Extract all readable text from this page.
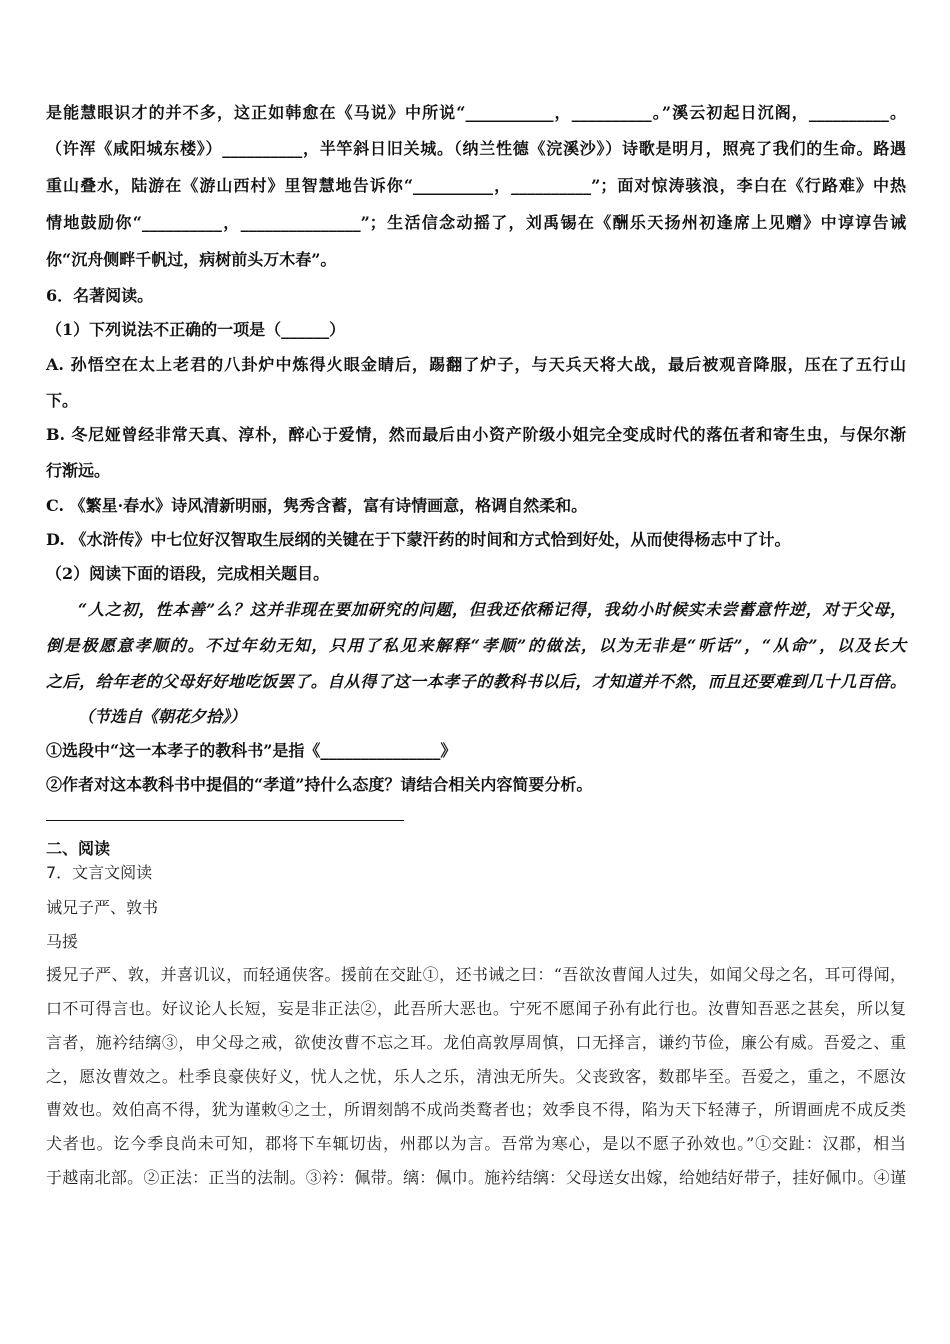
是能慧眼识才的并不多，这正如韩愈在《马说》中所说“___________，__________。”溪云初起日沉阁，__________。
（许浑《咸阳城东楼》）__________，半竿斜日旧关城。（纳兰性德《浣溪沙》）诗歌是明月，照亮了我们的生命。路遇
重山叠水，陆游在《游山西村》里智慧地告诉你“__________，__________”；面对惊涛骇浪，李白在《行路难》中热
情地鼓励你“__________，_______________”；生活信念动摇了，刘禹锡在《酬乐天扬州初逢席上见赠》中谆谆告诫
你“沉舟侧畔千帆过，病树前头万木春”。
6．名著阅读。
（1）下列说法不正确的一项是（______）
A. 孙悟空在太上老君的八卦炉中炼得火眼金睛后，踢翻了炉子，与天兵天将大战，最后被观音降服，压在了五行山
下。
B. 冬尼娅曾经非常天真、淳朴，醉心于爱情，然而最后由小资产阶级小姐完全变成时代的落伍者和寄生虫，与保尔渐
行渐远。
C. 《繁星·春水》诗风清新明丽，隽秀含蓄，富有诗情画意，格调自然柔和。
D. 《水浒传》中七位好汉智取生辰纲的关键在于下蒙汗药的时间和方式恰到好处，从而使得杨志中了计。
（2）阅读下面的语段，完成相关题目。
“人之初，性本善”么？这并非现在要加研究的问题，但我还依稀记得，我幼小时候实未尝蓄意忤逆，对于父母，
倒是极愿意孝顺的。不过年幼无知，只用了私见来解释“孝顺”的做法，以为无非是“听话”，“从命”，以及长大
之后，给年老的父母好好地吃饭罢了。自从得了这一本孝子的教科书以后，才知道并不然，而且还要难到几十几百倍。
（节选自《朝花夕拾》）
①选段中“这一本孝子的教科书”是指《_______________》
②作者对这本教科书中提倡的“孝道”持什么态度？请结合相关内容简要分析。
二、阅读
7．文言文阅读
诫兄子严、敦书
马援
援兄子严、敦，并喜讥议，而轻通侠客。援前在交趾①，还书诫之曰：“吾欲汝曹闻人过失，如闻父母之名，耳可得闻，
口不可得言也。好议论人长短，妄是非正法②，此吾所大恶也。宁死不愿闻子孙有此行也。汝曹知吾恶之甚矣，所以复
言者，施衿结缡③，申父母之戒，欲使汝曹不忘之耳。龙伯高敦厚周慎，口无择言，谦约节俭，廉公有威。吾爱之、重
之，愿汝曹效之。杜季良豪侠好义，忧人之忧，乐人之乐，清浊无所失。父丧致客，数郡毕至。吾爱之，重之，不愿汝
曹效也。效伯高不得，犹为谨敕④之士，所谓刻鹄不成尚类鹜者也；效季良不得，陷为天下轻薄子，所谓画虎不成反类
犬者也。讫今季良尚未可知，郡将下车辄切齿，州郡以为言。吾常为寒心，是以不愿子孙效也。”①交趾：汉郡，相当
于越南北部。②正法：正当的法制。③衿：佩带。缡：佩巾。施衿结缡：父母送女出嫁，给她结好带子，挂好佩巾。④谨
